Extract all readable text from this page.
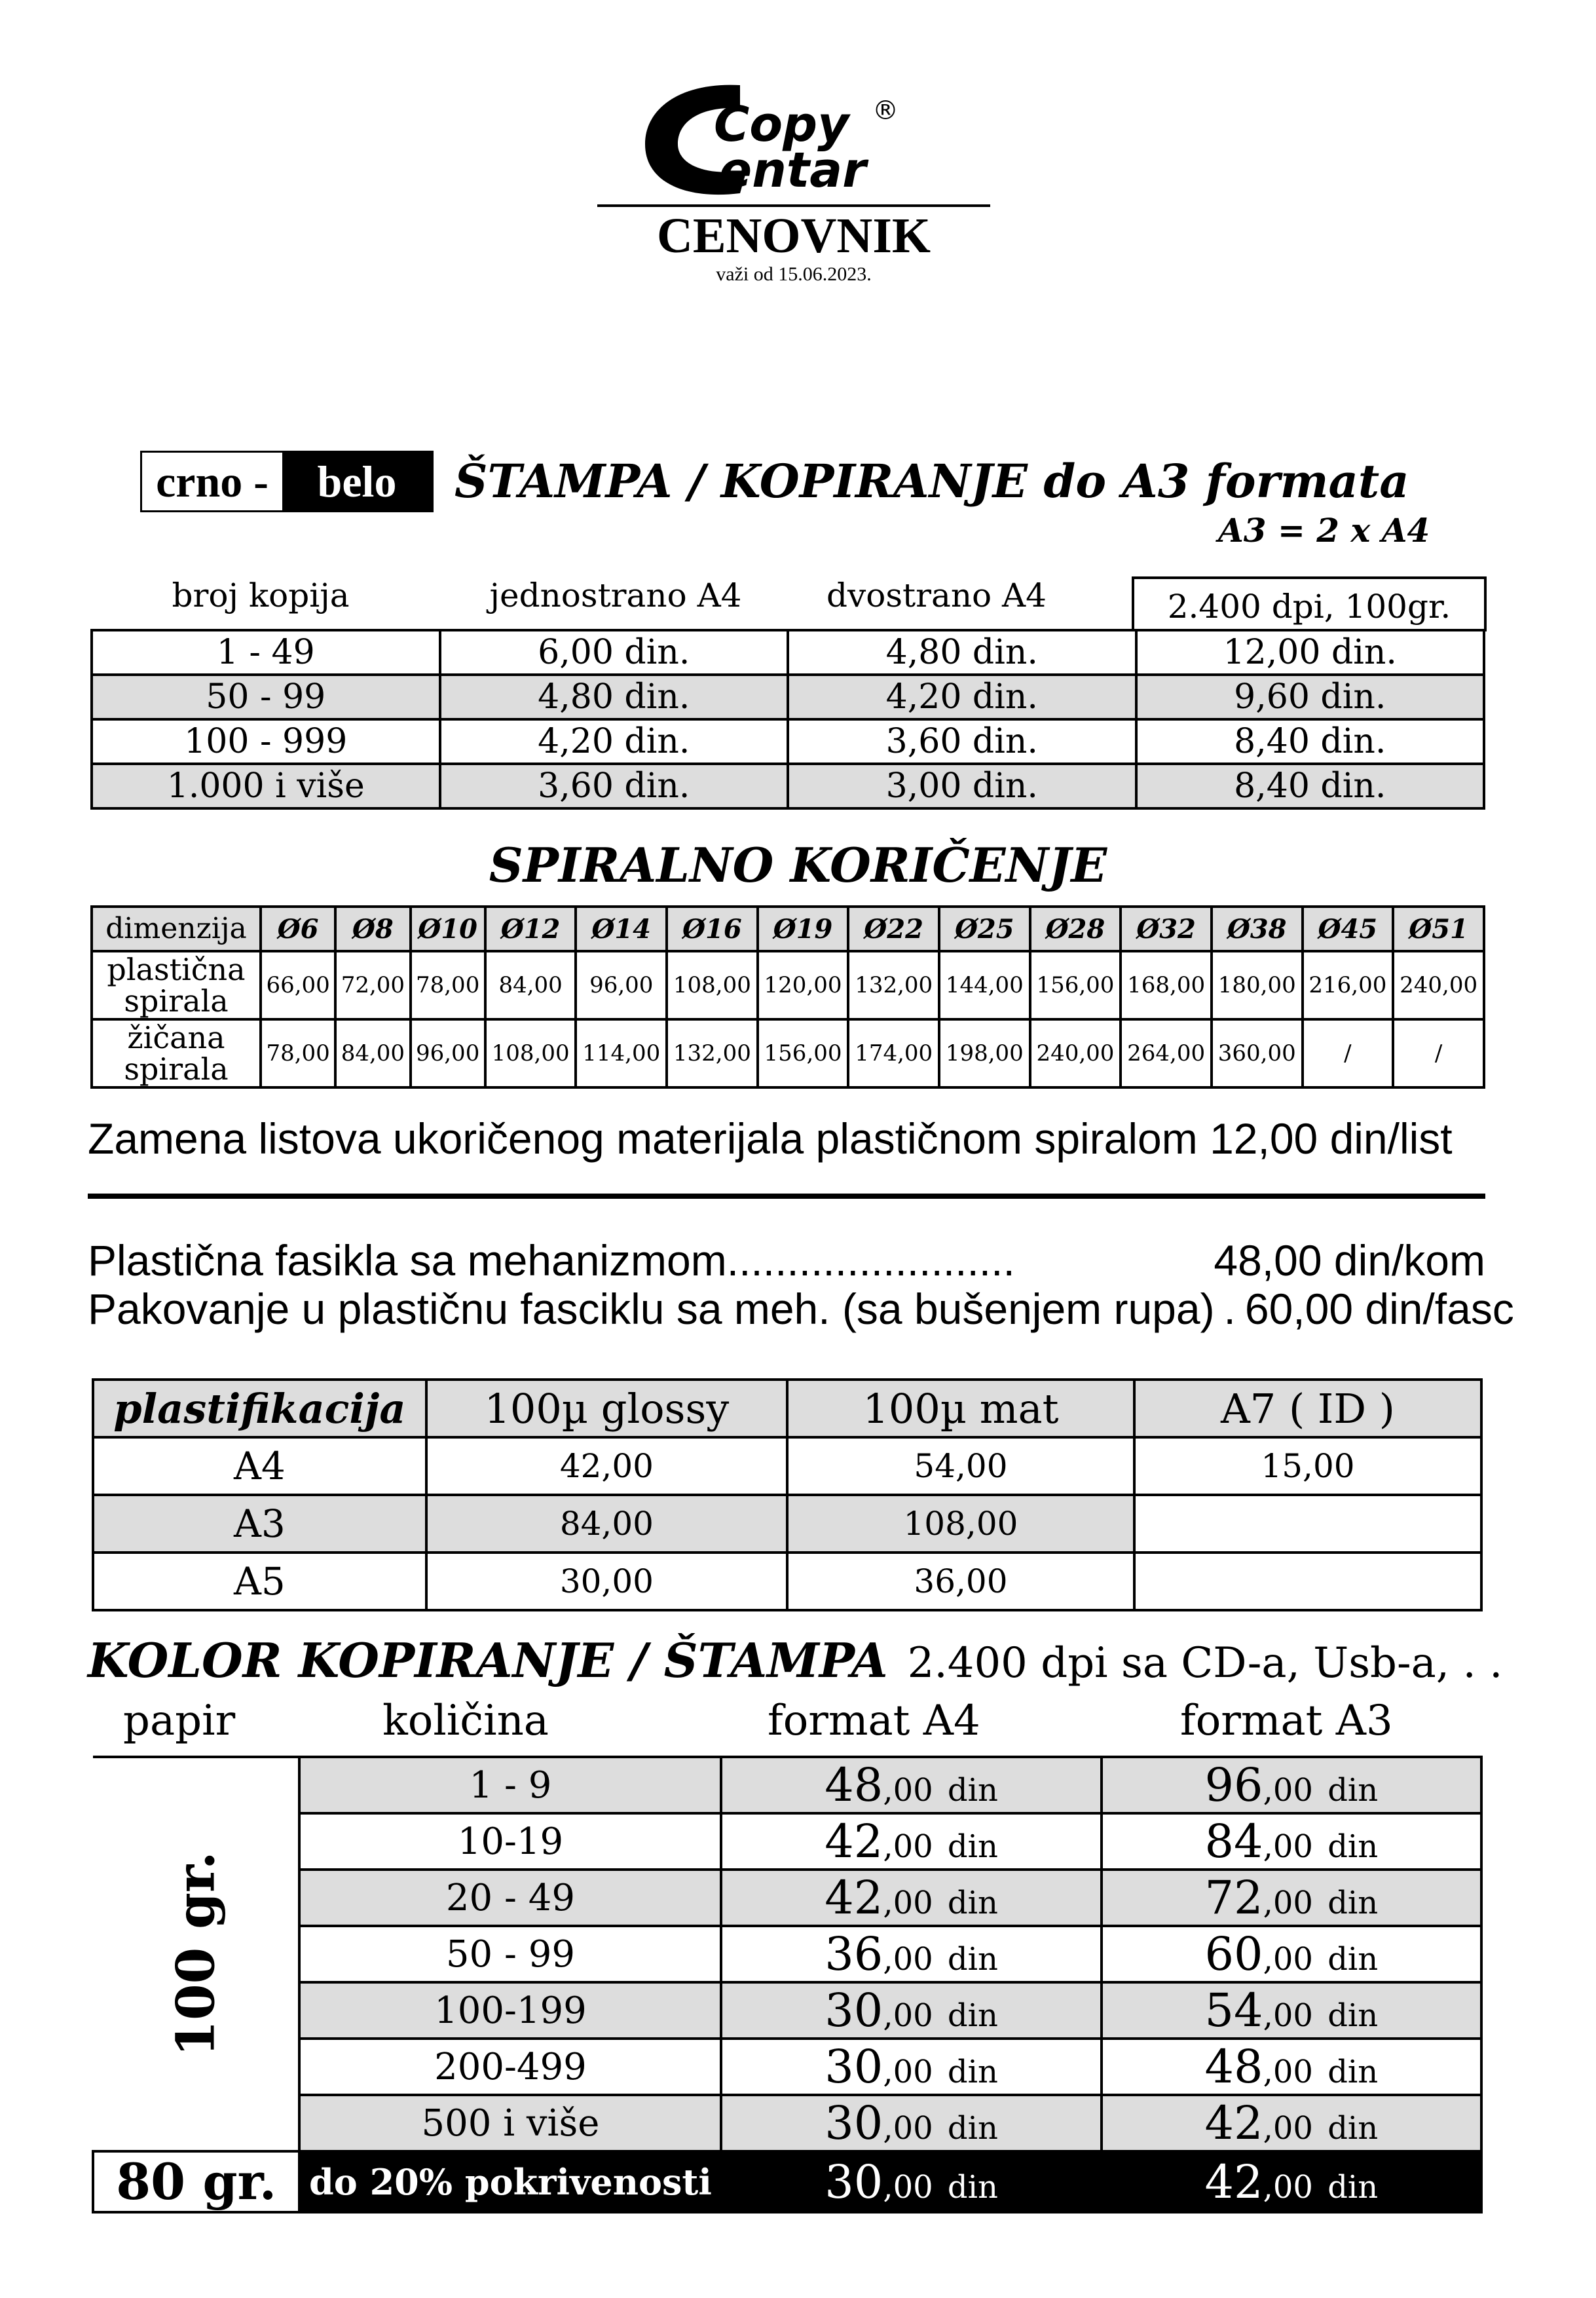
Copy
entar
®
CENOVNIK
važi od 15.06.2023.
crno -	belo	ŠTAMPA / KOPIRANJE do A3 formata
A3 = 2 x A4
broj kopija	jednostrano A4	dvostrano A4	2.400 dpi, 100gr.
1 - 49	6,00 din.	4,80 din.	12,00 din.
50 - 99	4,80 din.	4,20 din.	9,60 din.
100 - 999	4,20 din.	3,60 din.	8,40 din.
1.000 i više	3,60 din.	3,00 din.	8,40 din.
SPIRALNO KORIČENJE
dimenzija	Ø6	Ø8	Ø10	Ø12	Ø14	Ø16	Ø19	Ø22	Ø25	Ø28	Ø32	Ø38	Ø45	Ø51
plastična
spirala	66,00	72,00	78,00	84,00	96,00	108,00	120,00	132,00	144,00	156,00	168,00	180,00	216,00	240,00
žičana
spirala	78,00	84,00	96,00	108,00	114,00	132,00	156,00	174,00	198,00	240,00	264,00	360,00	/	/
Zamena listova ukoričenog materijala plastičnom spiralom 12,00 din/list
Plastična fasikla sa mehanizmom ........................	48,00 din/kom
Pakovanje u plastičnu fasciklu sa meh. (sa bušenjem rupa) . 60,00 din/fasc
plastifikacija	100µ glossy	100µ mat	A7 ( ID )
A4	42,00	54,00	15,00
A3	84,00	108,00	
A5	30,00	36,00	
KOLOR KOPIRANJE / ŠTAMPA 2.400 dpi sa CD-a, Usb-a, . .
papir	količina	format A4	format A3
100 gr.	1 - 9	48,00 din	96,00 din
	10-19	42,00 din	84,00 din
	20 - 49	42,00 din	72,00 din
	50 - 99	36,00 din	60,00 din
	100-199	30,00 din	54,00 din
	200-499	30,00 din	48,00 din
	500 i više	30,00 din	42,00 din
80 gr.	do 20% pokrivenosti	30,00 din	42,00 din
